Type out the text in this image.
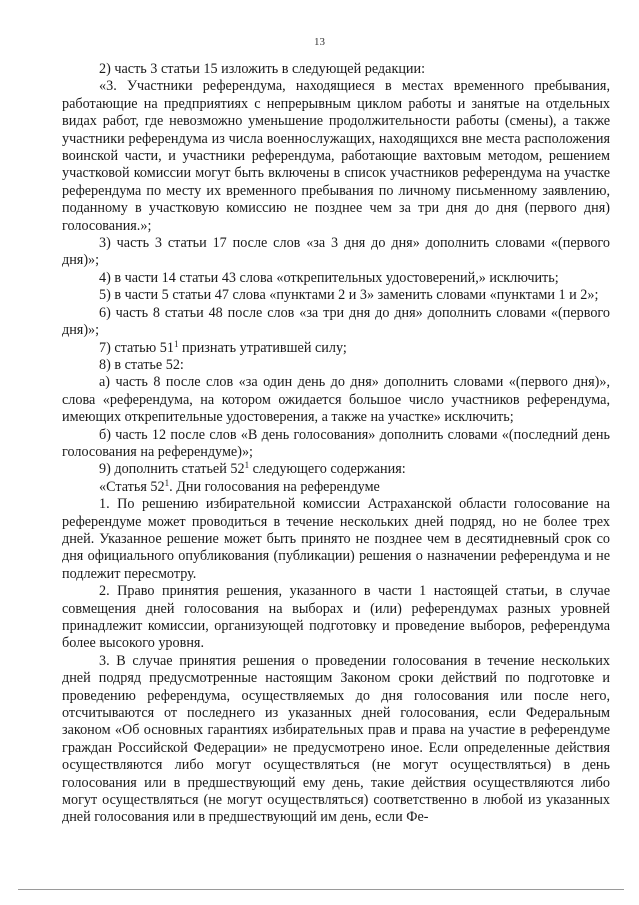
13

2) часть 3 статьи 15 изложить в следующей редакции:

«3. Участники референдума, находящиеся в местах временного пребывания, работающие на предприятиях с непрерывным циклом работы и занятые на отдельных видах работ, где невозможно уменьшение продолжительности работы (смены), а также участники референдума из числа военнослужащих, находящихся вне места расположения воинской части, и участники референдума, работающие вахтовым методом, решением участковой комиссии могут быть включены в список участников референдума на участке референдума по месту их временного пребывания по личному письменному заявлению, поданному в участковую комиссию не позднее чем за три дня до дня (первого дня) голосования.»;

3) часть 3 статьи 17 после слов «за 3 дня до дня» дополнить словами «(первого дня)»;

4) в части 14 статьи 43 слова «открепительных удостоверений,» исключить;

5) в части 5 статьи 47 слова «пунктами 2 и 3» заменить словами «пунктами 1 и 2»;

6) часть 8 статьи 48 после слов «за три дня до дня» дополнить словами «(первого дня)»;

7) статью $51^1$ признать утратившей силу;

8) в статье 52:

а) часть 8 после слов «за один день до дня» дополнить словами «(первого дня)», слова «референдума, на котором ожидается большое число участников референдума, имеющих открепительные удостоверения, а также на участке» исключить;

б) часть 12 после слов «В день голосования» дополнить словами «(последний день голосования на референдуме)»;

9) дополнить статьей $52^1$ следующего содержания:

«Статья $52^1$. Дни голосования на референдуме

1. По решению избирательной комиссии Астраханской области голосование на референдуме может проводиться в течение нескольких дней подряд, но не более трех дней. Указанное решение может быть принято не позднее чем в десятидневный срок со дня официального опубликования (публикации) решения о назначении референдума и не подлежит пересмотру.

2. Право принятия решения, указанного в части 1 настоящей статьи, в случае совмещения дней голосования на выборах и (или) референдумах разных уровней принадлежит комиссии, организующей подготовку и проведение выборов, референдума более высокого уровня.

3. В случае принятия решения о проведении голосования в течение нескольких дней подряд предусмотренные настоящим Законом сроки действий по подготовке и проведению референдума, осуществляемых до дня голосования или после него, отсчитываются от последнего из указанных дней голосования, если Федеральным законом «Об основных гарантиях избирательных прав и права на участие в референдуме граждан Российской Федерации» не предусмотрено иное. Если определенные действия осуществляются либо могут осуществляться (не могут осуществляться) в день голосования или в предшествующий ему день, такие действия осуществляются либо могут осуществляться (не могут осуществляться) соответственно в любой из указанных дней голосования или в предшествующий им день, если Фе-
